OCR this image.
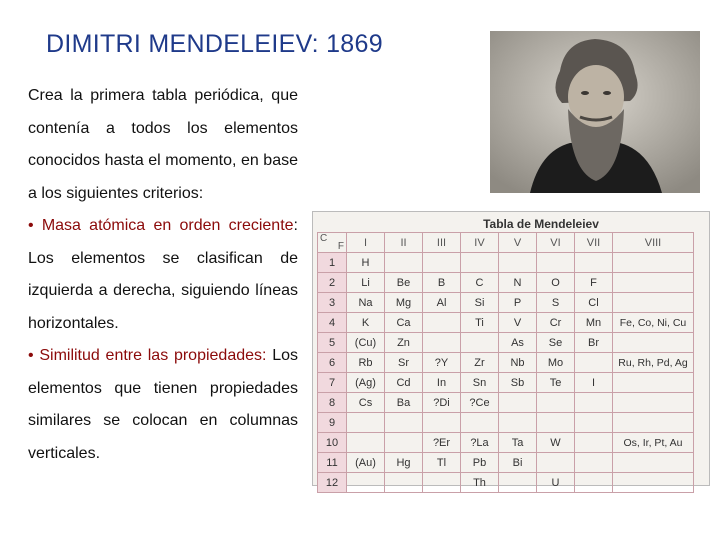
DIMITRI MENDELEIEV: 1869

Crea la primera tabla periódica, que contenía a todos los elementos conocidos hasta el momento, en base a los siguientes criterios:

• Masa atómica en orden creciente: Los elementos se clasifican de izquierda a derecha, siguiendo líneas horizontales.

• Similitud entre las propiedades: Los elementos que tienen propiedades similares se colocan en columnas verticales.

Tabla de Mendeleiev
C
F	I	II	III	IV	V	VI	VII	VIII
1	H							
2	Li	Be	B	C	N	O	F	
3	Na	Mg	Al	Si	P	S	Cl	
4	K	Ca		Ti	V	Cr	Mn	Fe, Co, Ni, Cu
5	(Cu)	Zn			As	Se	Br	
6	Rb	Sr	?Y	Zr	Nb	Mo		Ru, Rh, Pd, Ag
7	(Ag)	Cd	In	Sn	Sb	Te	I	
8	Cs	Ba	?Di	?Ce				
9								
10			?Er	?La	Ta	W		Os, Ir, Pt, Au
11	(Au)	Hg	Tl	Pb	Bi			
12				Th		U		
